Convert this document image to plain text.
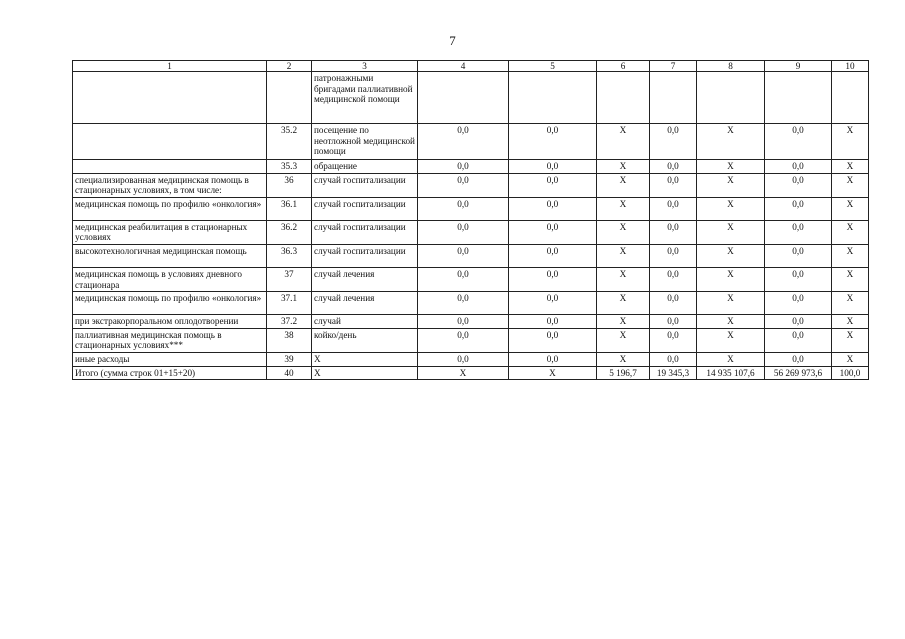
7
1	2	3	4	5	6	7	8	9	10
		патронажными бригадами паллиативной медицинской помощи							
	35.2	посещение по неотложной медицинской помощи	0,0	0,0	X	0,0	X	0,0	X
	35.3	обращение	0,0	0,0	X	0,0	X	0,0	X
специализированная медицинская помощь в стационарных условиях, в том числе:	36	случай госпитализации	0,0	0,0	X	0,0	X	0,0	X
медицинская помощь по профилю «онкология»	36.1	случай госпитализации	0,0	0,0	X	0,0	X	0,0	X
медицинская реабилитация в стационарных условиях	36.2	случай госпитализации	0,0	0,0	X	0,0	X	0,0	X
высокотехнологичная медицинская помощь	36.3	случай госпитализации	0,0	0,0	X	0,0	X	0,0	X
медицинская помощь в условиях дневного стационара	37	случай лечения	0,0	0,0	X	0,0	X	0,0	X
медицинская помощь по профилю «онкология»	37.1	случай лечения	0,0	0,0	X	0,0	X	0,0	X
при экстракорпоральном оплодотворении	37.2	случай	0,0	0,0	X	0,0	X	0,0	X
паллиативная медицинская помощь в стационарных условиях***	38	койко/день	0,0	0,0	X	0,0	X	0,0	X
иные расходы	39	X	0,0	0,0	X	0,0	X	0,0	X
Итого (сумма строк 01+15+20)	40	X	X	X	5 196,7	19 345,3	14 935 107,6	56 269 973,6	100,0
